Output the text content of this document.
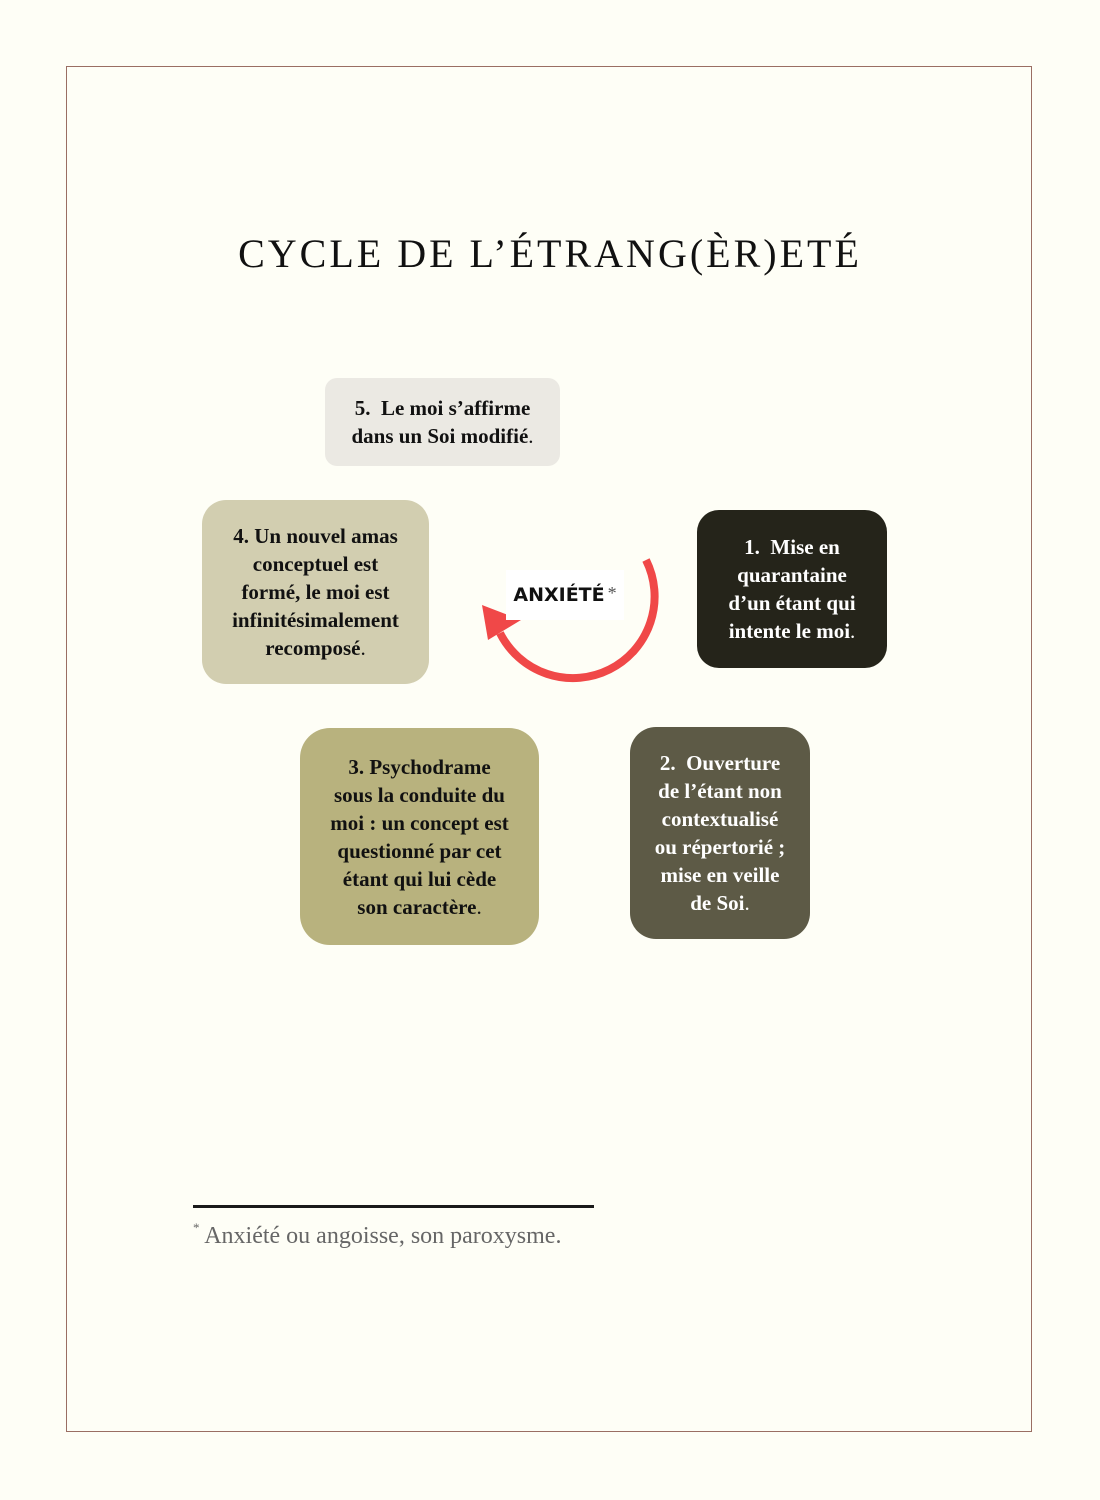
CYCLE DE L’ÉTRANG(ÈR)ETÉ
5. Le moi s’affirme
dans un Soi modifié.
4. Un nouvel amas
conceptuel est
formé, le moi est
infinitésimalement
recomposé.
1. Mise en
quarantaine
d’un étant qui
intente le moi.
3. Psychodrame
sous la conduite du
moi : un concept est
questionné par cet
étant qui lui cède
son caractère.
2. Ouverture
de l’étant non
contextualisé
ou répertorié ;
mise en veille
de Soi.
ANXIÉTÉ *
* Anxiété ou angoisse, son paroxysme.
